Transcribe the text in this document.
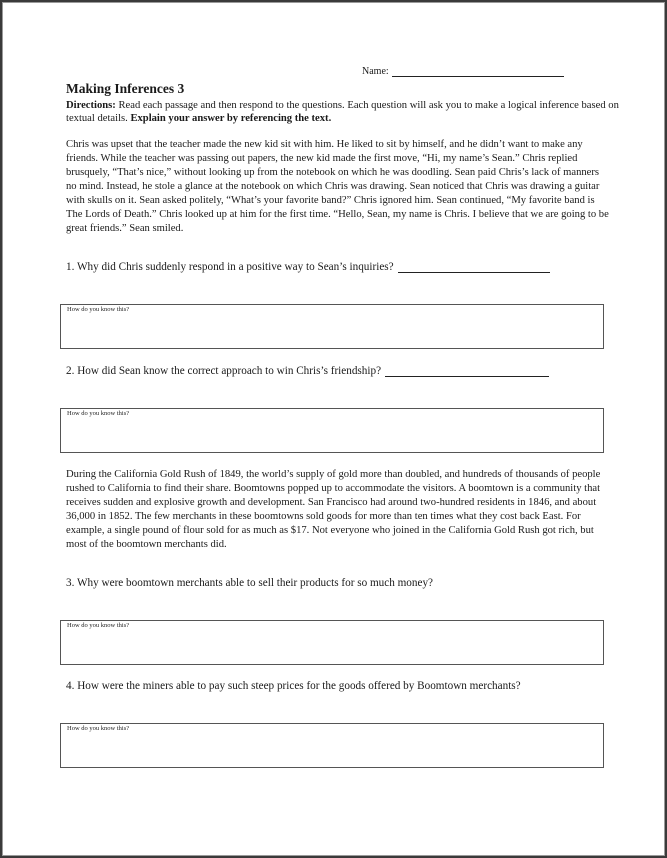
Name:
Making Inferences 3
Directions: Read each passage and then respond to the questions. Each question will ask you to make a logical inference based on textual details. Explain your answer by referencing the text.

Chris was upset that the teacher made the new kid sit with him. He liked to sit by himself, and he didn’t want to make any friends. While the teacher was passing out papers, the new kid made the first move, “Hi, my name’s Sean.” Chris replied brusquely, “That’s nice,” without looking up from the notebook on which he was doodling. Sean paid Chris’s lack of manners no mind. Instead, he stole a glance at the notebook on which Chris was drawing. Sean noticed that Chris was drawing a guitar with skulls on it. Sean asked politely, “What’s your favorite band?” Chris ignored him. Sean continued, “My favorite band is The Lords of Death.” Chris looked up at him for the first time. “Hello, Sean, my name is Chris. I believe that we are going to be great friends.” Sean smiled.

1. Why did Chris suddenly respond in a positive way to Sean’s inquiries?
How do you know this?
2. How did Sean know the correct approach to win Chris’s friendship?
How do you know this?

During the California Gold Rush of 1849, the world’s supply of gold more than doubled, and hundreds of thousands of people rushed to California to find their share. Boomtowns popped up to accommodate the visitors. A boomtown is a community that receives sudden and explosive growth and development. San Francisco had around two-hundred residents in 1846, and about 36,000 in 1852. The few merchants in these boomtowns sold goods for more than ten times what they cost back East. For example, a single pound of flour sold for as much as $17. Not everyone who joined in the California Gold Rush got rich, but most of the boomtown merchants did.

3. Why were boomtown merchants able to sell their products for so much money?
How do you know this?
4. How were the miners able to pay such steep prices for the goods offered by Boomtown merchants?
How do you know this?
